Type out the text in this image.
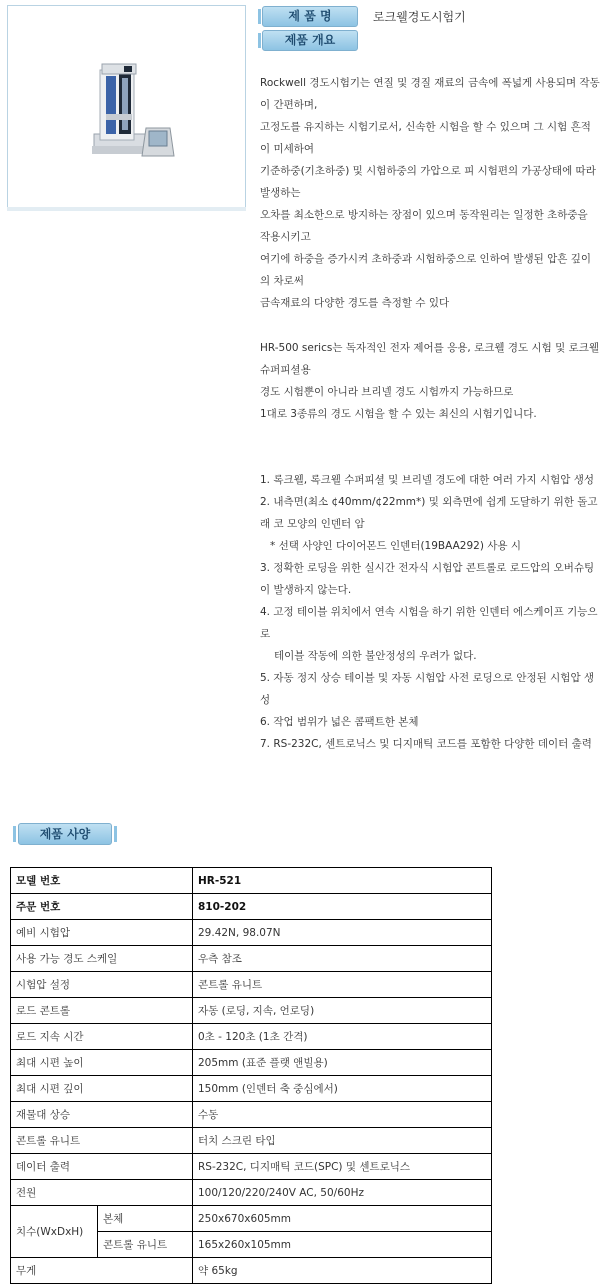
제 품 명	로크웰경도시험기
제품 개요

Rockwell 경도시험기는 연질 및 경질 재료의 금속에 폭넓게 사용되며 작동이 간편하며,

고정도를 유지하는 시험기로서, 신속한 시험을 할 수 있으며 그 시험 흔적이 미세하여

기준하중(기초하중) 및 시험하중의 가압으로 피 시험편의 가공상태에 따라 발생하는

오차를 최소한으로 방지하는 장점이 있으며 동작원리는 일정한 초하중을 작용시키고

여기에 하중을 증가시켜 초하중과 시험하중으로 인하여 발생된 압흔 깊이의 차로써

금속재료의 다양한 경도를 측정할 수 있다

HR-500 serics는 독자적인 전자 제어를 응용, 로크웰 경도 시험 및 로크웰 슈퍼피셜용

경도 시험뿐이 아니라 브리넬 경도 시험까지 가능하므로

1대로 3종류의 경도 시험을 할 수 있는 최신의 시험기입니다.

1. 록크웰, 록크웰 수퍼피셜 및 브리넬 경도에 대한 여러 가지 시험압 생성

2. 내측면(최소 ¢40mm/¢22mm*) 및 외측면에 쉽게 도달하기 위한 돌고래 코 모양의 인덴터 암

* 선택 사양인 다이어몬드 인덴터(19BAA292) 사용 시

3. 정확한 로딩을 위한 실시간 전자식 시험압 콘트롤로 로드압의 오버슈팅이 발생하지 않는다.

4. 고정 테이블 위치에서 연속 시험을 하기 위한 인덴터 에스케이프 기능으로

테이블 작동에 의한 불안정성의 우려가 없다.

5. 자동 정지 상승 테이블 및 자동 시험압 사전 로딩으로 안정된 시험압 생성

6. 작업 범위가 넓은 콤팩트한 본체

7. RS-232C, 센트로닉스 및 디지매틱 코드를 포함한 다양한 데이터 출력

제품 사양
모델 번호		HR-521
주문 번호		810-202
예비 시험압		29.42N, 98.07N
사용 가능 경도 스케일		우측 참조
시험압 설정		콘트롤 유니트
로드 콘트롤		자동 (로딩, 지속, 언로딩)
로드 지속 시간		0초 - 120초 (1초 간격)
최대 시편 높이		205mm (표준 플랫 앤빌용)
최대 시편 깊이		150mm (인덴터 축 중심에서)
재물대 상승		수동
콘트롤 유니트		터치 스크린 타입
데이터 출력		RS-232C, 디지매틱 코드(SPC) 및 센트로닉스
전원		100/120/220/240V AC, 50/60Hz
치수(WxDxH)	본체	250x670x605mm
	콘트롤 유니트	165x260x105mm
무게		약 65kg
